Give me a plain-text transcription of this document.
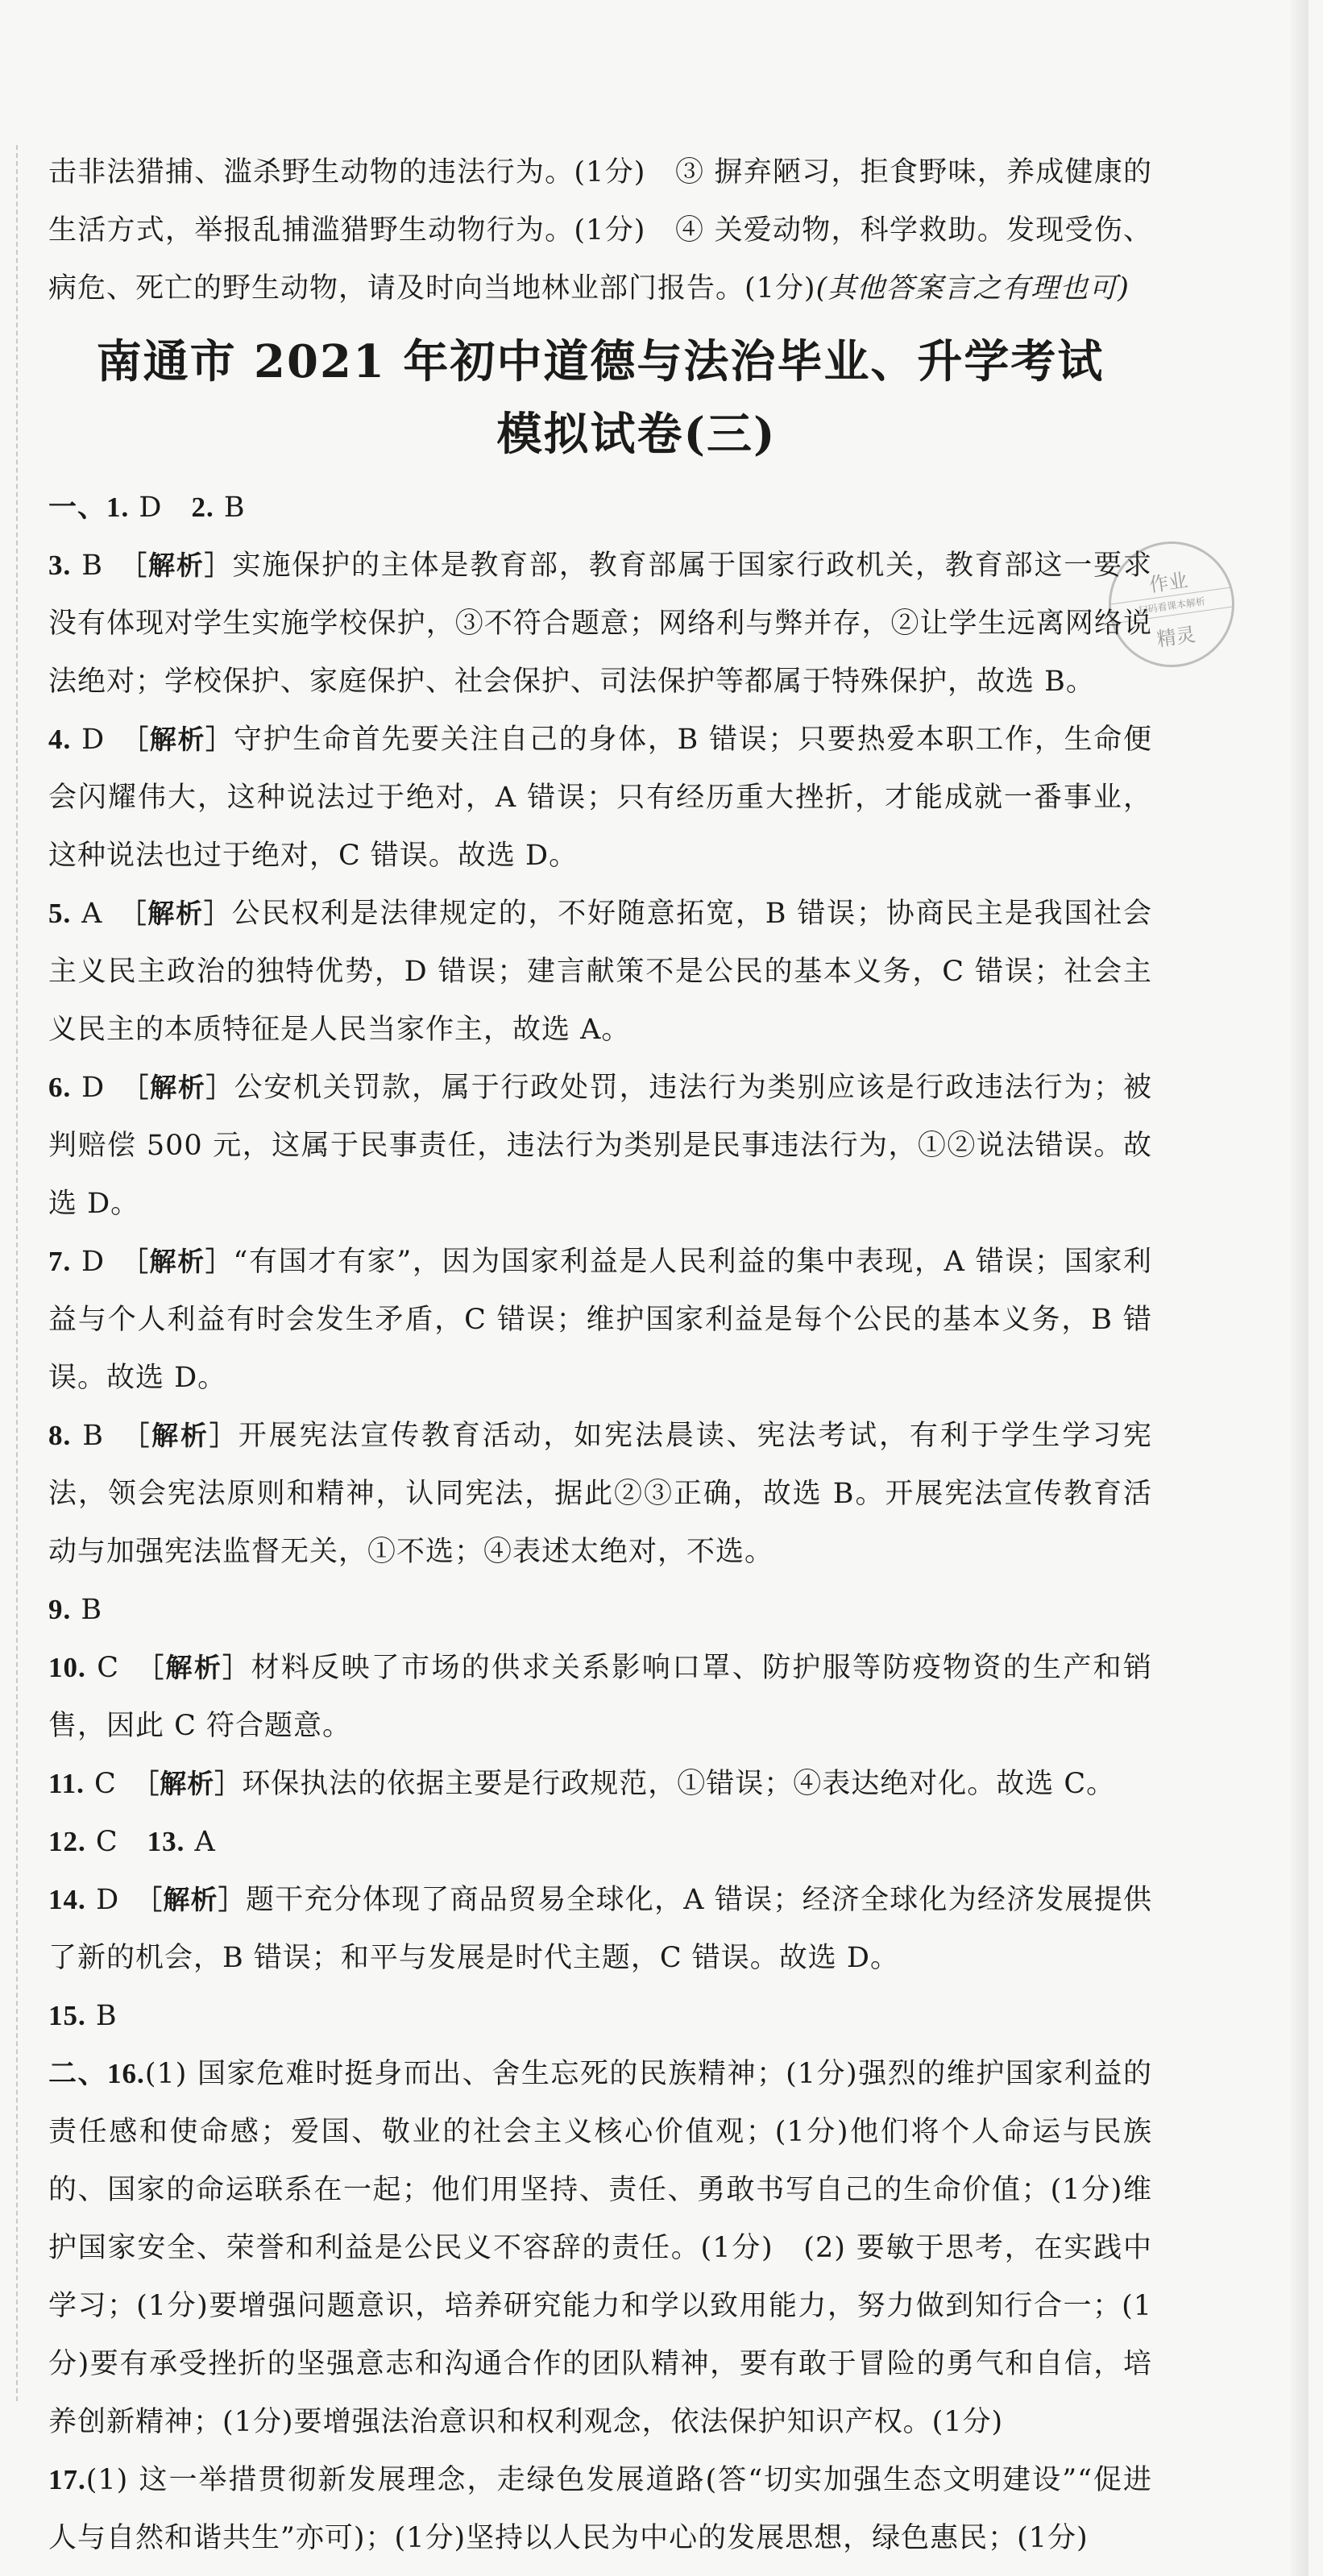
作业
扫码看课本解析
精灵

击非法猎捕、滥杀野生动物的违法行为。(1分)　③ 摒弃陋习，拒食野味，养成健康的生活方式，举报乱捕滥猎野生动物行为。(1分)　④ 关爱动物，科学救助。发现受伤、病危、死亡的野生动物，请及时向当地林业部门报告。(1分)(其他答案言之有理也可)

南通市 2021 年初中道德与法治毕业、升学考试
模拟试卷(三)

一、1. D　2. B

3. B　［解析］实施保护的主体是教育部，教育部属于国家行政机关，教育部这一要求没有体现对学生实施学校保护，③不符合题意；网络利与弊并存，②让学生远离网络说法绝对；学校保护、家庭保护、社会保护、司法保护等都属于特殊保护，故选 B。

4. D　［解析］守护生命首先要关注自己的身体，B 错误；只要热爱本职工作，生命便会闪耀伟大，这种说法过于绝对，A 错误；只有经历重大挫折，才能成就一番事业，这种说法也过于绝对，C 错误。故选 D。

5. A　［解析］公民权利是法律规定的，不好随意拓宽，B 错误；协商民主是我国社会主义民主政治的独特优势，D 错误；建言献策不是公民的基本义务，C 错误；社会主义民主的本质特征是人民当家作主，故选 A。

6. D　［解析］公安机关罚款，属于行政处罚，违法行为类别应该是行政违法行为；被判赔偿 500 元，这属于民事责任，违法行为类别是民事违法行为，①②说法错误。故选 D。

7. D　［解析］“有国才有家”，因为国家利益是人民利益的集中表现，A 错误；国家利益与个人利益有时会发生矛盾，C 错误；维护国家利益是每个公民的基本义务，B 错误。故选 D。

8. B　［解析］开展宪法宣传教育活动，如宪法晨读、宪法考试，有利于学生学习宪法，领会宪法原则和精神，认同宪法，据此②③正确，故选 B。开展宪法宣传教育活动与加强宪法监督无关，①不选；④表述太绝对，不选。

9. B

10. C　［解析］材料反映了市场的供求关系影响口罩、防护服等防疫物资的生产和销售，因此 C 符合题意。

11. C　［解析］环保执法的依据主要是行政规范，①错误；④表达绝对化。故选 C。

12. C　13. A

14. D　［解析］题干充分体现了商品贸易全球化，A 错误；经济全球化为经济发展提供了新的机会，B 错误；和平与发展是时代主题，C 错误。故选 D。

15. B

二、16.(1) 国家危难时挺身而出、舍生忘死的民族精神；(1分)强烈的维护国家利益的责任感和使命感；爱国、敬业的社会主义核心价值观；(1分)他们将个人命运与民族的、国家的命运联系在一起；他们用坚持、责任、勇敢书写自己的生命价值；(1分)维护国家安全、荣誉和利益是公民义不容辞的责任。(1分)　(2) 要敏于思考，在实践中学习；(1分)要增强问题意识，培养研究能力和学以致用能力，努力做到知行合一；(1分)要有承受挫折的坚强意志和沟通合作的团队精神，要有敢于冒险的勇气和自信，培养创新精神；(1分)要增强法治意识和权利观念，依法保护知识产权。(1分)

17.(1) 这一举措贯彻新发展理念，走绿色发展道路(答“切实加强生态文明建设”“促进人与自然和谐共生”亦可)；(1分)坚持以人民为中心的发展思想，绿色惠民；(1分)
